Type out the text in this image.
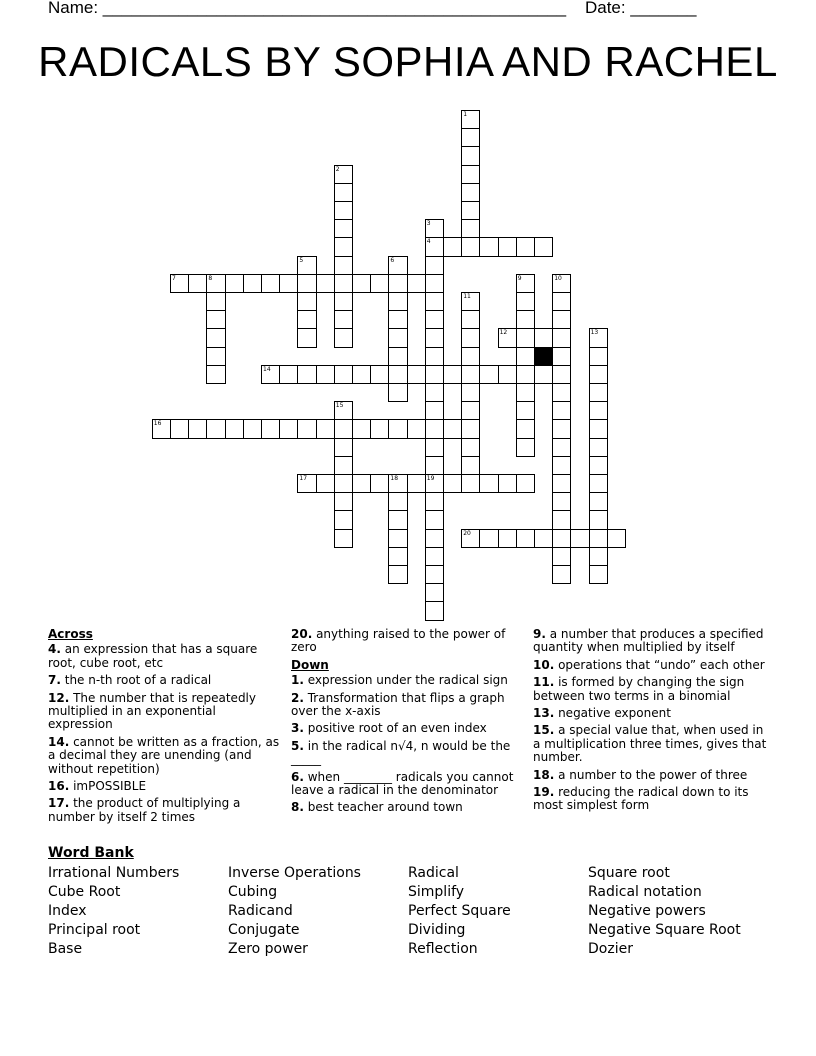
Name: _________________________________________________    Date: _______
RADICALS BY SOPHIA AND RACHEL
1
2
3
4
19
5	6
7	8	9	10
11
12	13
14
15
16
17	18
20
Across
4. an expression that has a square root, cube root, etc
7. the n-th root of a radical
12. The number that is repeatedly multiplied in an exponential expression
14. cannot be written as a fraction, as a decimal they are unending (and without repetition)
16. imPOSSIBLE
17. the product of multiplying a number by itself 2 times
20. anything raised to the power of zero
Down
1. expression under the radical sign
2. Transformation that flips a graph over the x-axis
3. positive root of an even index
5. in the radical n√4, n would be the _____
6. when ________ radicals you cannot leave a radical in the denominator
8. best teacher around town
9. a number that produces a specified quantity when multiplied by itself
10. operations that “undo” each other
11. is formed by changing the sign between two terms in a binomial
13. negative exponent
15. a special value that, when used in a multiplication three times, gives that number.
18. a number to the power of three
19. reducing the radical down to its most simplest form
Word Bank
Irrational Numbers
Cube Root
Index
Principal root
Base
Inverse Operations
Cubing
Radicand
Conjugate
Zero power
Radical
Simplify
Perfect Square
Dividing
Reflection
Square root
Radical notation
Negative powers
Negative Square Root
Dozier
